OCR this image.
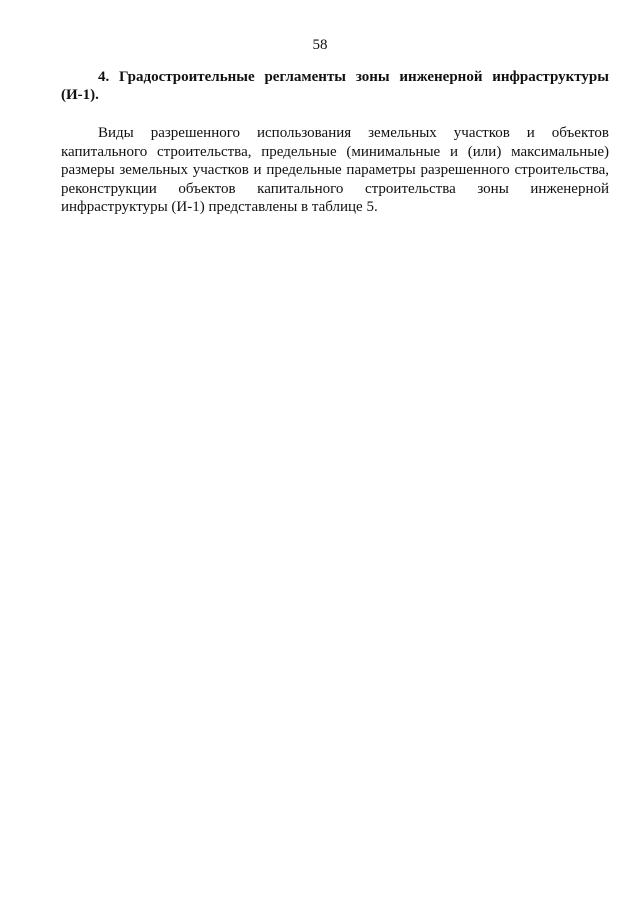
58

4. Градостроительные регламенты зоны инженерной инфраструктуры (И-1).

Виды разрешенного использования земельных участков и объектов капитального строительства, предельные (минимальные и (или) максимальные) размеры земельных участков и предельные параметры разрешенного строительства, реконструкции объектов капитального строительства зоны инженерной инфраструктуры (И-1) представлены в таблице 5.
